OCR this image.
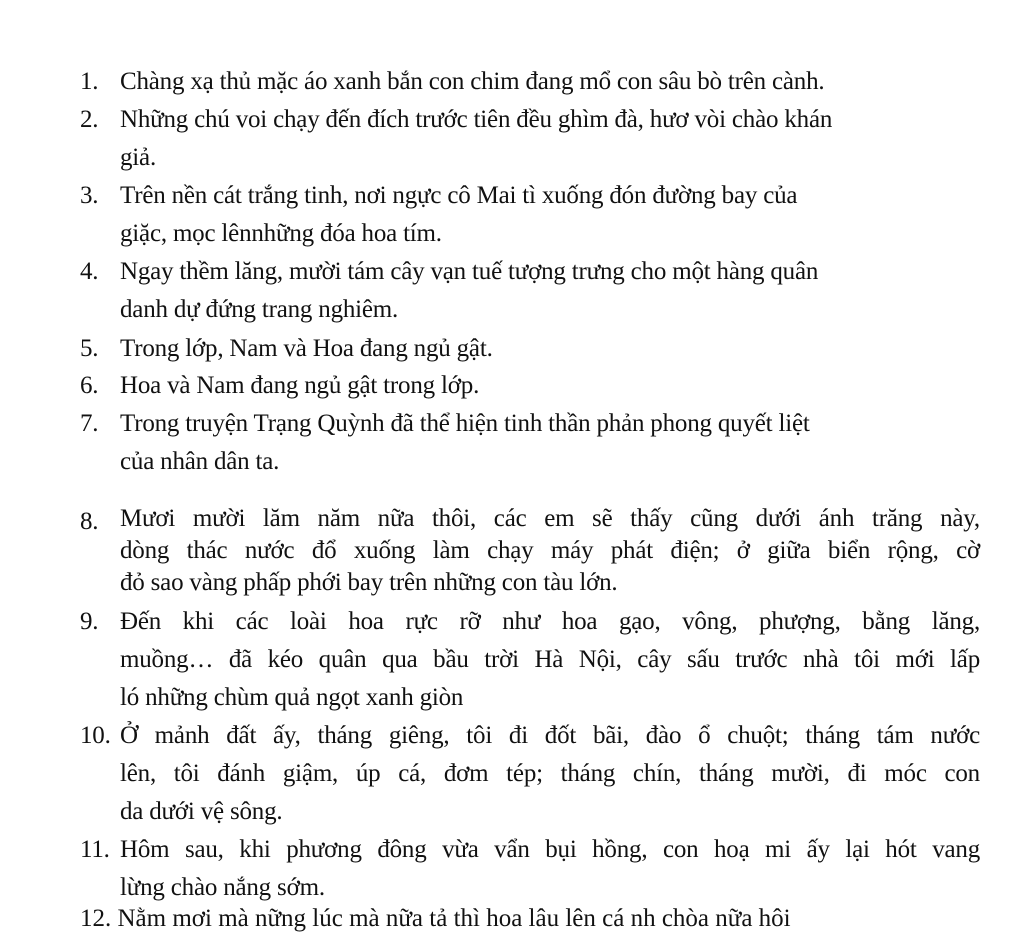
1. Chàng xạ thủ mặc áo xanh bắn con chim đang mổ con sâu bò trên cành.
2. Những chú voi chạy đến đích trước tiên đều ghìm đà, hươ vòi chào khán
giả.
3. Trên nền cát trắng tinh, nơi ngực cô Mai tì xuống đón đường bay của
giặc, mọc lênnhững đóa hoa tím.
4. Ngay thềm lăng, mười tám cây vạn tuế tượng trưng cho một hàng quân
danh dự đứng trang nghiêm.
5. Trong lớp, Nam và Hoa đang ngủ gật.
6. Hoa và Nam đang ngủ gật trong lớp.
7. Trong truyện Trạng Quỳnh đã thể hiện tinh thần phản phong quyết liệt
của nhân dân ta.
8. Mươi mười lăm năm nữa thôi, các em sẽ thấy cũng dưới ánh trăng này,
dòng thác nước đổ xuống làm chạy máy phát điện; ở giữa biển rộng, cờ
đỏ sao vàng phấp phới bay trên những con tàu lớn.
9. Đến khi các loài hoa rực rỡ như hoa gạo, vông, phượng, bằng lăng,
muồng… đã kéo quân qua bầu trời Hà Nội, cây sấu trước nhà tôi mới lấp
ló những chùm quả ngọt xanh giòn
10. Ở mảnh đất ấy, tháng giêng, tôi đi đốt bãi, đào ổ chuột; tháng tám nước
lên, tôi đánh giậm, úp cá, đơm tép; tháng chín, tháng mười, đi móc con
da dưới vệ sông.
11. Hôm sau, khi phương đông vừa vẩn bụi hồng, con hoạ mi ấy lại hót vang
lừng chào nắng sớm.
12. Nằm mơi mà nững lúc mà nữa tả thì hoa lâu lên cá nh chòa nữa hôi
